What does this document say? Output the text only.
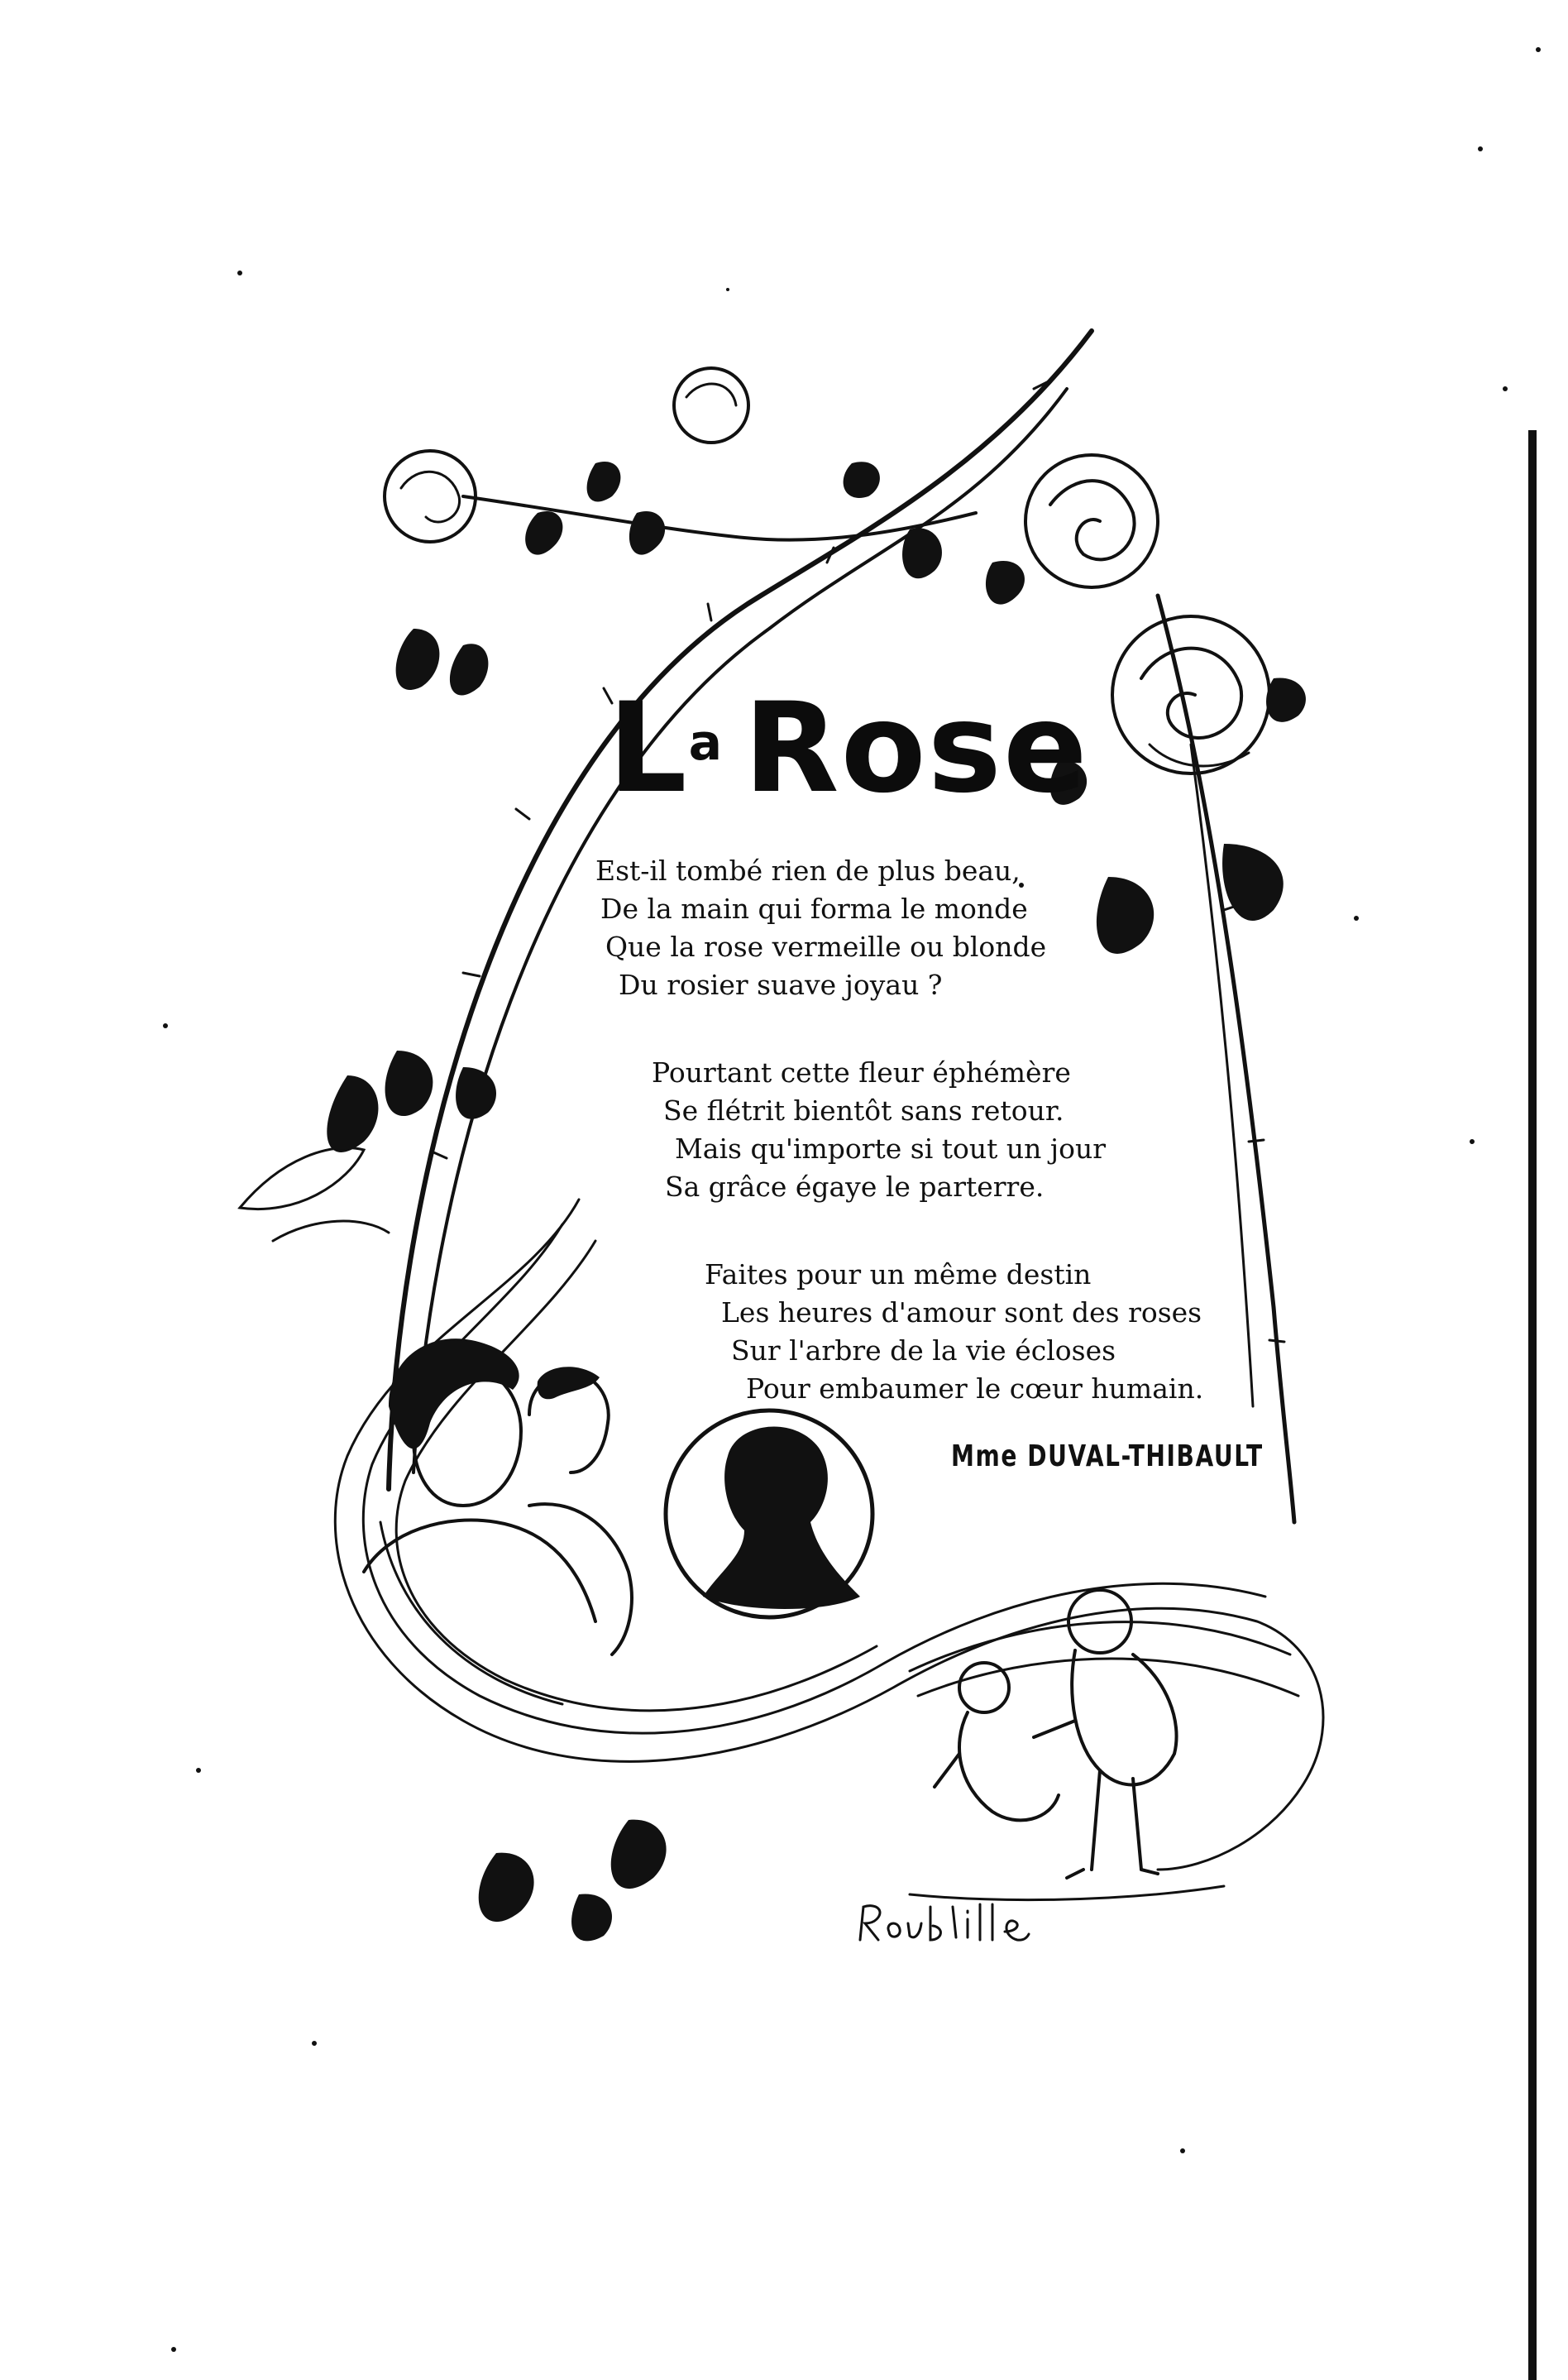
La Rose
Est-il tombé rien de plus beau,
De la main qui forma le monde
Que la rose vermeille ou blonde
Du rosier suave joyau ?
Pourtant cette fleur éphémère
Se flétrit bientôt sans retour.
Mais qu'importe si tout un jour
Sa grâce égaye le parterre.
Faites pour un même destin
Les heures d'amour sont des roses
Sur l'arbre de la vie écloses
Pour embaumer le cœur humain.
Mme DUVAL-THIBAULT
